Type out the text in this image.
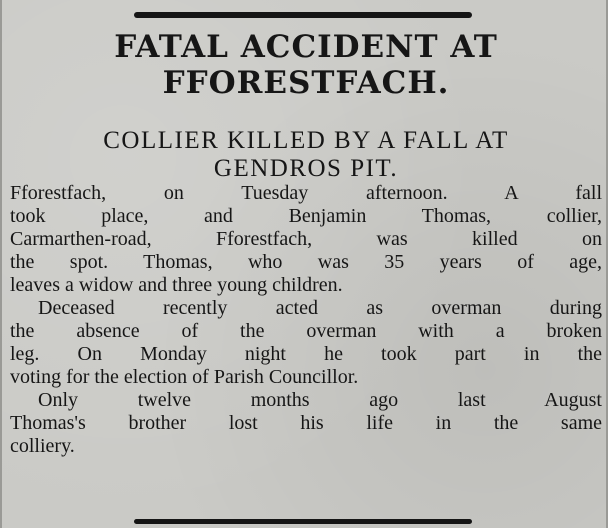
FATAL ACCIDENT AT
FFORESTFACH.
COLLIER KILLED BY A FALL AT
GENDROS PIT.

Fforestfach, on Tuesday afternoon. A fall

took place, and Benjamin Thomas, collier,

Carmarthen-road, Fforestfach, was killed on

the spot. Thomas, who was 35 years of age,

leaves a widow and three young children.

Deceased recently acted as overman during

the absence of the overman with a broken

leg. On Monday night he took part in the

voting for the election of Parish Councillor.

Only twelve months ago last August

Thomas's brother lost his life in the same

colliery.
